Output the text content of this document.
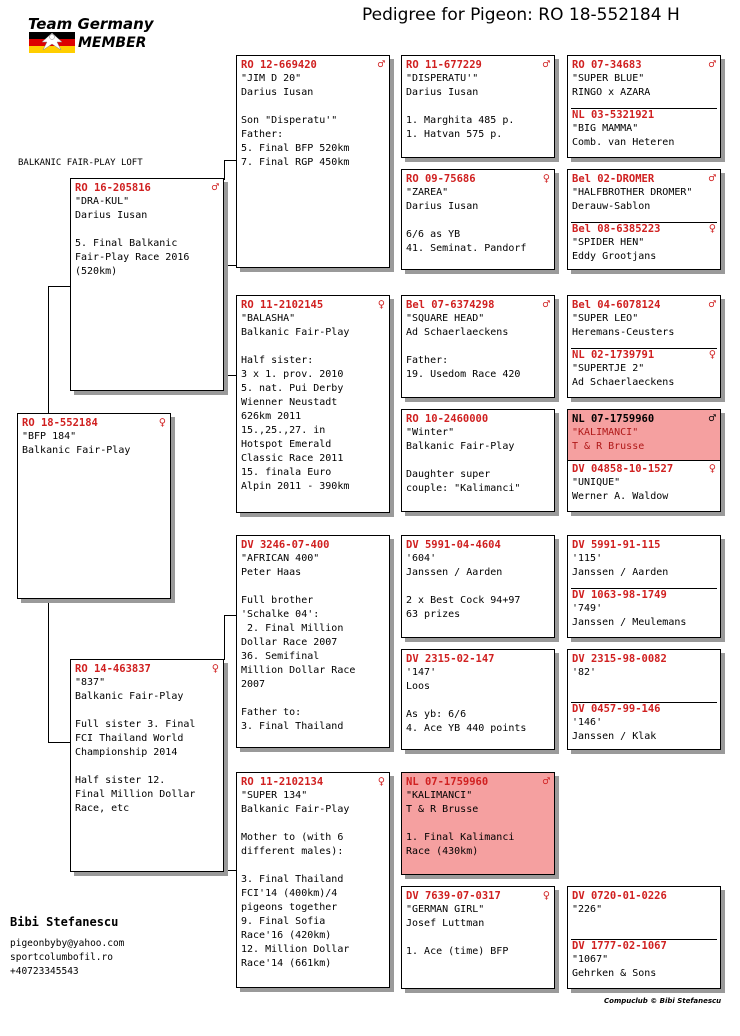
Team Germany
MEMBER
Pedigree for Pigeon: RO 18-552184 H
BALKANIC FAIR-PLAY LOFT
RO 18-552184	♀
"BFP 184"
Balkanic Fair-Play
RO 16-205816	♂
"DRA-KUL"
Darius Iusan
5. Final Balkanic
Fair-Play Race 2016
(520km)
RO 14-463837	♀
"837"
Balkanic Fair-Play
Full sister 3. Final
FCI Thailand World
Championship 2014
Half sister 12.
Final Million Dollar
Race, etc
RO 12-669420	♂
"JIM D 20"
Darius Iusan
Son "Disperatu'"
Father:
5. Final BFP 520km
7. Final RGP 450km
RO 11-2102145	♀
"BALASHA"
Balkanic Fair-Play
Half sister:
3 x 1. prov. 2010
5. nat. Pui Derby
Wienner Neustadt
626km 2011
15.,25.,27. in
Hotspot Emerald
Classic Race 2011
15. finala Euro
Alpin 2011 - 390km
DV 3246-07-400
"AFRICAN 400"
Peter Haas
Full brother
'Schalke 04':
2. Final Million
Dollar Race 2007
36. Semifinal
Million Dollar Race
2007
Father to:
3. Final Thailand
RO 11-2102134	♀
"SUPER 134"
Balkanic Fair-Play
Mother to (with 6
different males):
3. Final Thailand
FCI'14 (400km)/4
pigeons together
9. Final Sofia
Race'16 (420km)
12. Million Dollar
Race'14 (661km)
RO 11-677229	♂
"DISPERATU'"
Darius Iusan
1. Marghita 485 p.
1. Hatvan 575 p.
RO 09-75686	♀
"ZAREA"
Darius Iusan
6/6 as YB
41. Seminat. Pandorf
Bel 07-6374298	♂
"SQUARE HEAD"
Ad Schaerlaeckens
Father:
19. Usedom Race 420
RO 10-2460000
"Winter"
Balkanic Fair-Play
Daughter super
couple: "Kalimanci"
DV 5991-04-4604
'604'
Janssen / Aarden
2 x Best Cock 94+97
63 prizes
DV 2315-02-147
'147'
Loos
As yb: 6/6
4. Ace YB 440 points
NL 07-1759960	♂
"KALIMANCI"
T & R Brusse
1. Final Kalimanci
Race (430km)
DV 7639-07-0317	♀
"GERMAN GIRL"
Josef Luttman
1. Ace (time) BFP
RO 07-34683	♂
"SUPER BLUE"
RINGO x AZARA
NL 03-5321921
"BIG MAMMA"
Comb. van Heteren
Bel 02-DROMER	♂
"HALFBROTHER DROMER"
Derauw-Sablon
Bel 08-6385223	♀
"SPIDER HEN"
Eddy Grootjans
Bel 04-6078124	♂
"SUPER LEO"
Heremans-Ceusters
NL 02-1739791	♀
"SUPERTJE 2"
Ad Schaerlaeckens
NL 07-1759960	♂
"KALIMANCI"
T & R Brusse
DV 04858-10-1527	♀
"UNIQUE"
Werner A. Waldow
DV 5991-91-115
'115'
Janssen / Aarden
DV 1063-98-1749
'749'
Janssen / Meulemans
DV 2315-98-0082
'82'
DV 0457-99-146
'146'
Janssen / Klak
DV 0720-01-0226
"226"
DV 1777-02-1067
"1067"
Gehrken & Sons
Bibi Stefanescu
pigeonbyby@yahoo.com
sportcolumbofil.ro
+40723345543
Compuclub © Bibi Stefanescu
